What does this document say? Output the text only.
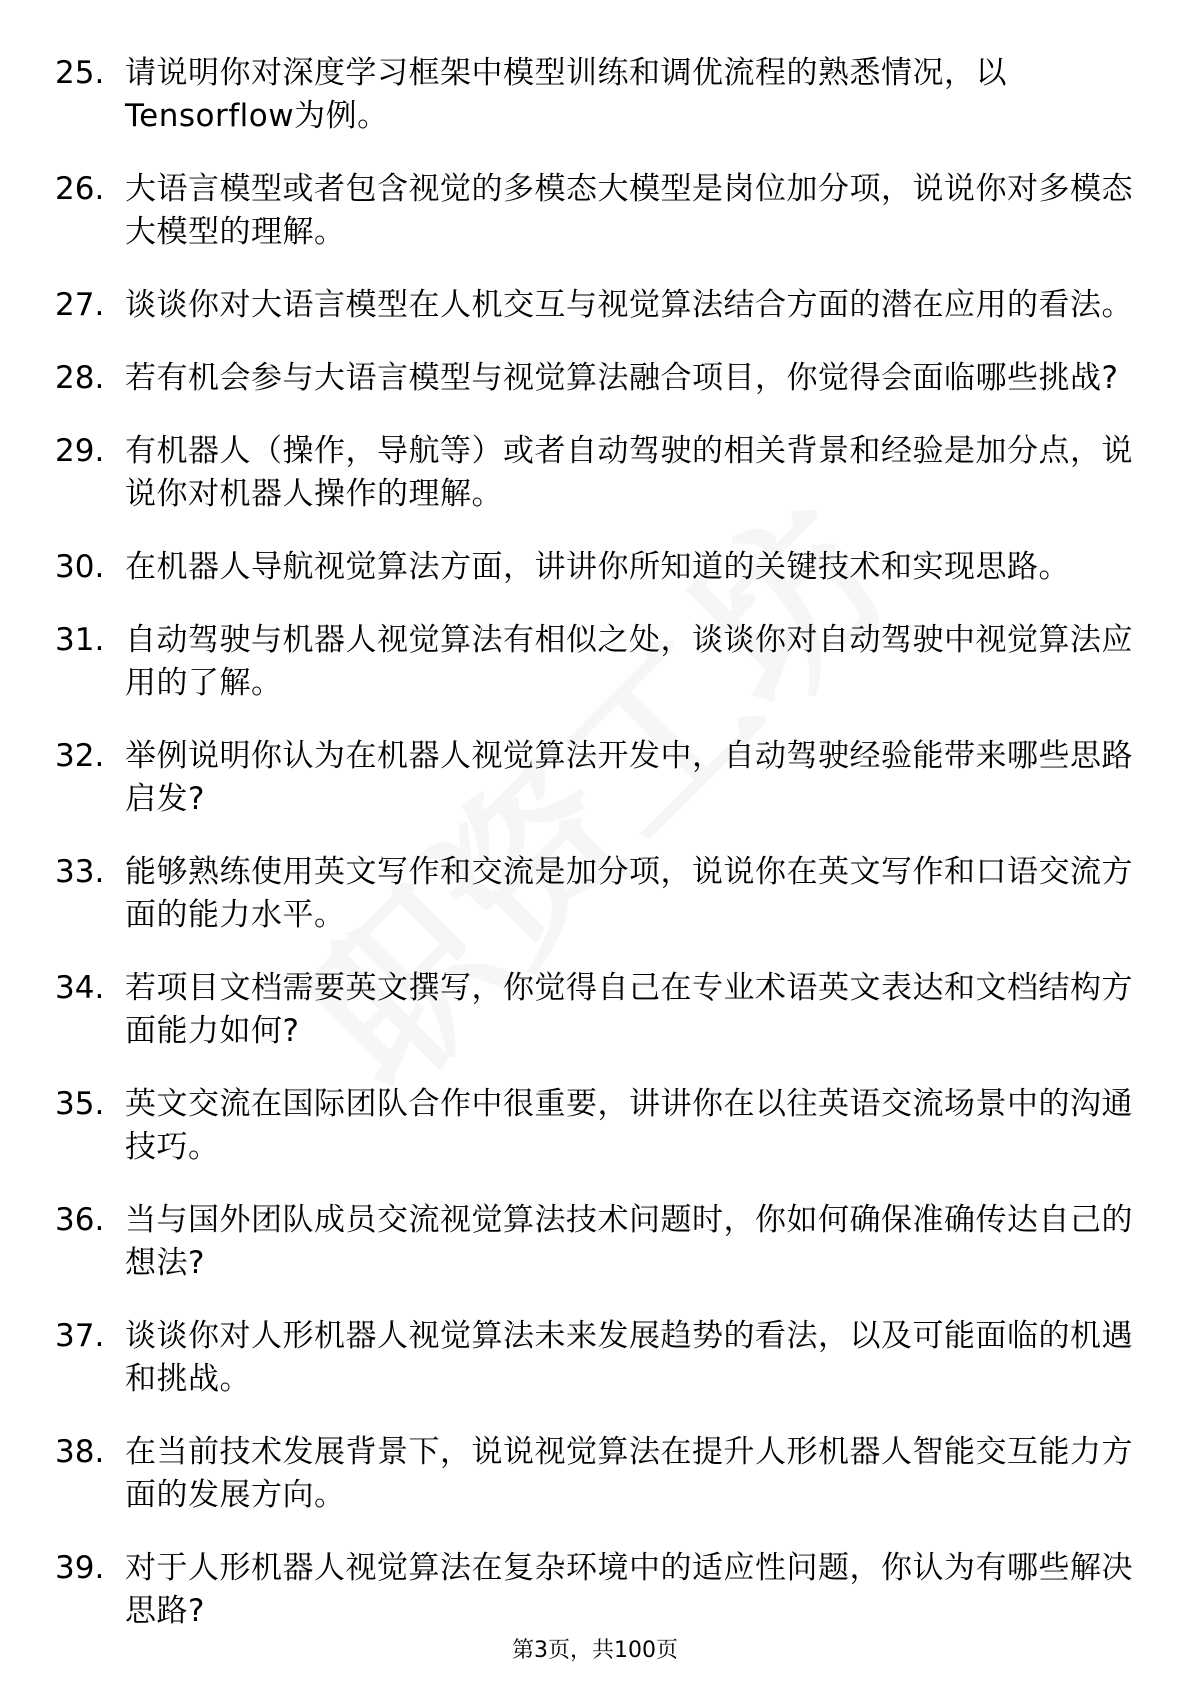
25. 请说明你对深度学习框架中模型训练和调优流程的熟悉情况，以Tensorflow为例。
26. 大语言模型或者包含视觉的多模态大模型是岗位加分项，说说你对多模态大模型的理解。
27. 谈谈你对大语言模型在人机交互与视觉算法结合方面的潜在应用的看法。
28. 若有机会参与大语言模型与视觉算法融合项目，你觉得会面临哪些挑战?
29. 有机器人（操作，导航等）或者自动驾驶的相关背景和经验是加分点，说说你对机器人操作的理解。
30. 在机器人导航视觉算法方面，讲讲你所知道的关键技术和实现思路。
31. 自动驾驶与机器人视觉算法有相似之处，谈谈你对自动驾驶中视觉算法应用的了解。
32. 举例说明你认为在机器人视觉算法开发中，自动驾驶经验能带来哪些思路启发?
33. 能够熟练使用英文写作和交流是加分项，说说你在英文写作和口语交流方面的能力水平。
34. 若项目文档需要英文撰写，你觉得自己在专业术语英文表达和文档结构方面能力如何?
35. 英文交流在国际团队合作中很重要，讲讲你在以往英语交流场景中的沟通技巧。
36. 当与国外团队成员交流视觉算法技术问题时，你如何确保准确传达自己的想法?
37. 谈谈你对人形机器人视觉算法未来发展趋势的看法，以及可能面临的机遇和挑战。
38. 在当前技术发展背景下，说说视觉算法在提升人形机器人智能交互能力方面的发展方向。
39. 对于人形机器人视觉算法在复杂环境中的适应性问题，你认为有哪些解决思路?
第3页，共100页
